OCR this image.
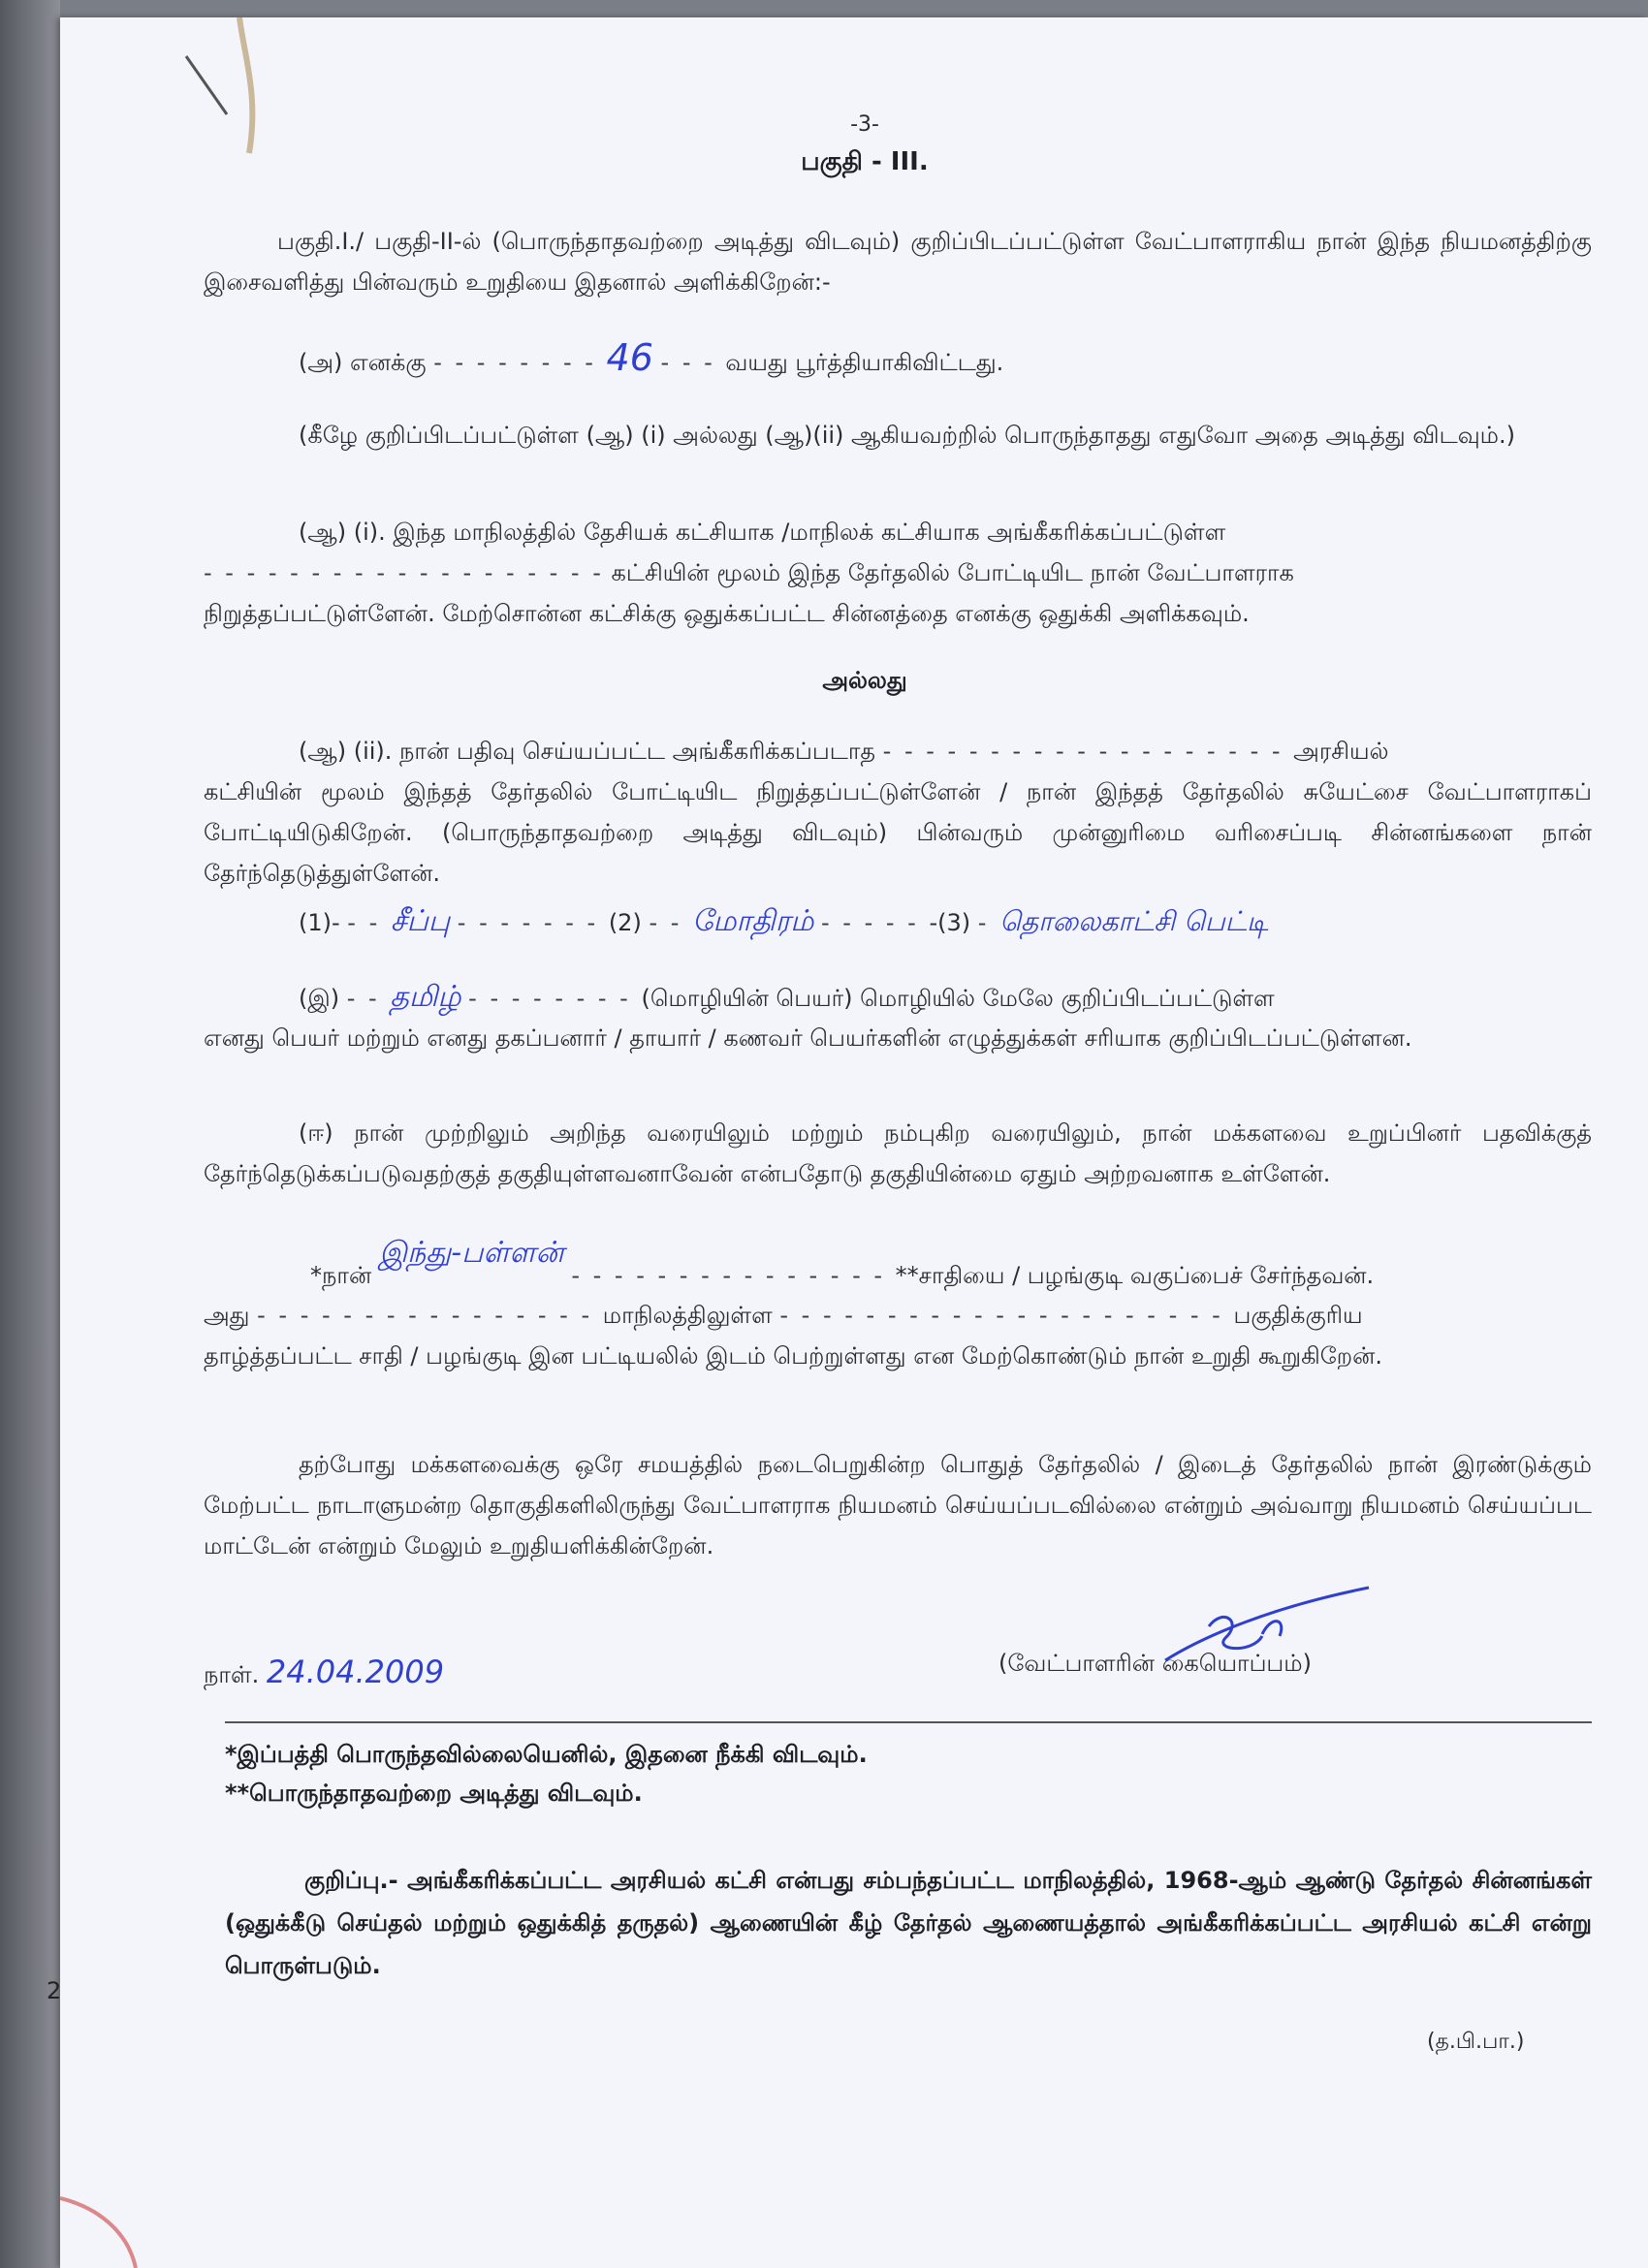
-3-
பகுதி - III.
பகுதி.I./ பகுதி-II-ல் (பொருந்தாதவற்றை அடித்து விடவும்) குறிப்பிடப்பட்டுள்ள வேட்பாளராகிய நான் இந்த நியமனத்திற்கு இசைவளித்து பின்வரும் உறுதியை இதனால் அளிக்கிறேன்:-
(அ) எனக்கு - - - - - - - - 46 - - - வயது பூர்த்தியாகிவிட்டது.
(கீழே குறிப்பிடப்பட்டுள்ள (ஆ) (i) அல்லது (ஆ)(ii) ஆகியவற்றில் பொருந்தாதது எதுவோ அதை அடித்து விடவும்.)
(ஆ) (i). இந்த மாநிலத்தில் தேசியக் கட்சியாக /மாநிலக் கட்சியாக அங்கீகரிக்கப்பட்டுள்ள
- - - - - - - - - - - - - - - - - - - கட்சியின் மூலம் இந்த தேர்தலில் போட்டியிட நான் வேட்பாளராக
நிறுத்தப்பட்டுள்ளேன். மேற்சொன்ன கட்சிக்கு ஒதுக்கப்பட்ட சின்னத்தை எனக்கு ஒதுக்கி அளிக்கவும்.
அல்லது
(ஆ) (ii). நான் பதிவு செய்யப்பட்ட அங்கீகரிக்கப்படாத - - - - - - - - - - - - - - - - - - - அரசியல்
கட்சியின் மூலம் இந்தத் தேர்தலில் போட்டியிட நிறுத்தப்பட்டுள்ளேன் / நான் இந்தத் தேர்தலில் சுயேட்சை வேட்பாளராகப் போட்டியிடுகிறேன். (பொருந்தாதவற்றை அடித்து விடவும்) பின்வரும் முன்னுரிமை வரிசைப்படி சின்னங்களை நான் தேர்ந்தெடுத்துள்ளேன்.
(1)- - - சீப்பு - - - - - - - (2) - - மோதிரம் - - - - - -(3) - தொலைகாட்சி பெட்டி
(இ) - - தமிழ் - - - - - - - - (மொழியின் பெயர்) மொழியில் மேலே குறிப்பிடப்பட்டுள்ள
எனது பெயர் மற்றும் எனது தகப்பனார் / தாயார் / கணவர் பெயர்களின் எழுத்துக்கள் சரியாக குறிப்பிடப்பட்டுள்ளன.
(ஈ) நான் முற்றிலும் அறிந்த வரையிலும் மற்றும் நம்புகிற வரையிலும், நான் மக்களவை உறுப்பினர் பதவிக்குத் தேர்ந்தெடுக்கப்படுவதற்குத் தகுதியுள்ளவனாவேன் என்பதோடு தகுதியின்மை ஏதும் அற்றவனாக உள்ளேன்.
*நான் இந்து-பள்ளன் - - - - - - - - - - - - - - - **சாதியை / பழங்குடி வகுப்பைச் சேர்ந்தவன்.
அது - - - - - - - - - - - - - - - - மாநிலத்திலுள்ள - - - - - - - - - - - - - - - - - - - - - பகுதிக்குரிய
தாழ்த்தப்பட்ட சாதி / பழங்குடி இன பட்டியலில் இடம் பெற்றுள்ளது என மேற்கொண்டும் நான் உறுதி கூறுகிறேன்.
தற்போது மக்களவைக்கு ஒரே சமயத்தில் நடைபெறுகின்ற பொதுத் தேர்தலில் / இடைத் தேர்தலில் நான் இரண்டுக்கும் மேற்பட்ட நாடாளுமன்ற தொகுதிகளிலிருந்து வேட்பாளராக நியமனம் செய்யப்படவில்லை என்றும் அவ்வாறு நியமனம் செய்யப்பட மாட்டேன் என்றும் மேலும் உறுதியளிக்கின்றேன்.
நாள். 24.04.2009	(வேட்பாளரின் கையொப்பம்)
*இப்பத்தி பொருந்தவில்லையெனில், இதனை நீக்கி விடவும்.
**பொருந்தாதவற்றை அடித்து விடவும்.
குறிப்பு.- அங்கீகரிக்கப்பட்ட அரசியல் கட்சி என்பது சம்பந்தப்பட்ட மாநிலத்தில், 1968-ஆம் ஆண்டு தேர்தல் சின்னங்கள் (ஒதுக்கீடு செய்தல் மற்றும் ஒதுக்கித் தருதல்) ஆணையின் கீழ் தேர்தல் ஆணையத்தால் அங்கீகரிக்கப்பட்ட அரசியல் கட்சி என்று பொருள்படும்.
(த.பி.பா.)
2
